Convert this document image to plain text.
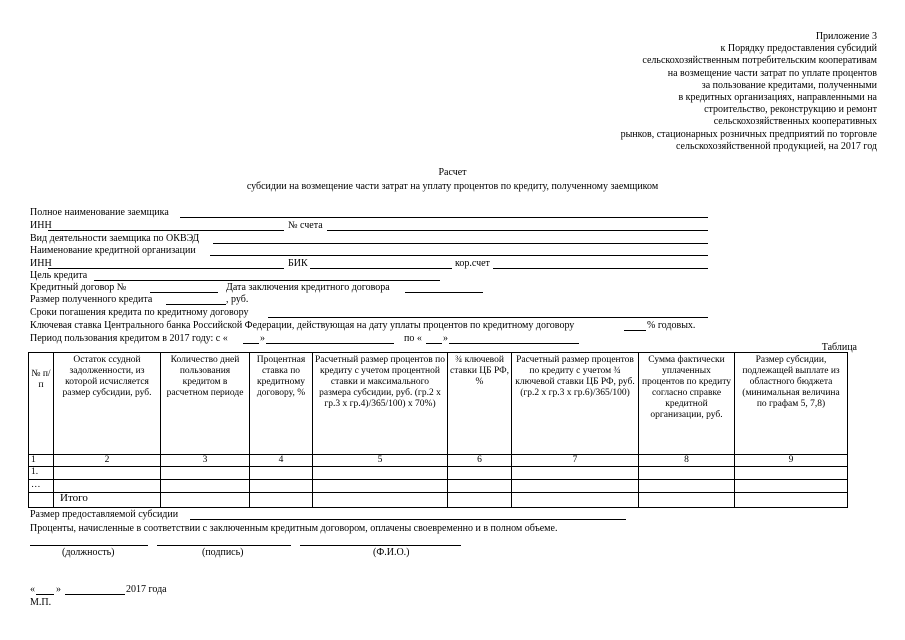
Приложение 3
к Порядку предоставления субсидий
сельскохозяйственным потребительским кооперативам
на возмещение части затрат по уплате процентов
за пользование кредитами, полученными
в кредитных организациях, направленными на
строительство, реконструкцию и ремонт
сельскохозяйственных кооперативных
рынков, стационарных розничных предприятий по торговле
сельскохозяйственной продукцией, на 2017 год
Расчет
субсидии на возмещение части затрат на уплату процентов по кредиту, полученному заемщиком
Полное наименование заемщика
ИНН	№ счета
Вид деятельности заемщика по ОКВЭД
Наименование кредитной организации
ИНН	БИК	кор.счет
Цель кредита
Кредитный договор №	Дата заключения кредитного договора
Размер полученного кредита	, руб.
Сроки погашения кредита по кредитному договору
Ключевая ставка Центрального банка Российской Федерации, действующая на дату уплаты процентов по кредитному договору	% годовых.
Период пользования кредитом в 2017 году: с «	»	по « »
Таблица
№ п/п	Остаток ссудной задолженности, из которой исчисляется размер субсидии, руб.	Количество дней пользования кредитом в расчетном периоде	Процентная ставка по кредитному договору, %	Расчетный размер процентов по кредиту с учетом процентной ставки и максимального размера субсидии, руб. (гр.2 х гр.3 х гр.4)/365/100) х 70%)	¾ ключевой ставки ЦБ РФ, %	Расчетный размер процентов по кредиту с учетом ¾ ключевой ставки ЦБ РФ, руб. (гр.2 х гр.3 х гр.6)/365/100)	Сумма фактически уплаченных процентов по кредиту согласно справке кредитной организации, руб.	Размер субсидии, подлежащей выплате из областного бюджета (минимальная величина по графам 5, 7,8)
1	2	3	4	5	6	7	8	9
1.								
…								
	Итого							
Размер предоставляемой субсидии
Проценты, начисленные в соответствии с заключенным кредитным договором, оплачены своевременно и в полном объеме.
(должность)	(подпись)	(Ф.И.О.)
« »	2017 года
М.П.
